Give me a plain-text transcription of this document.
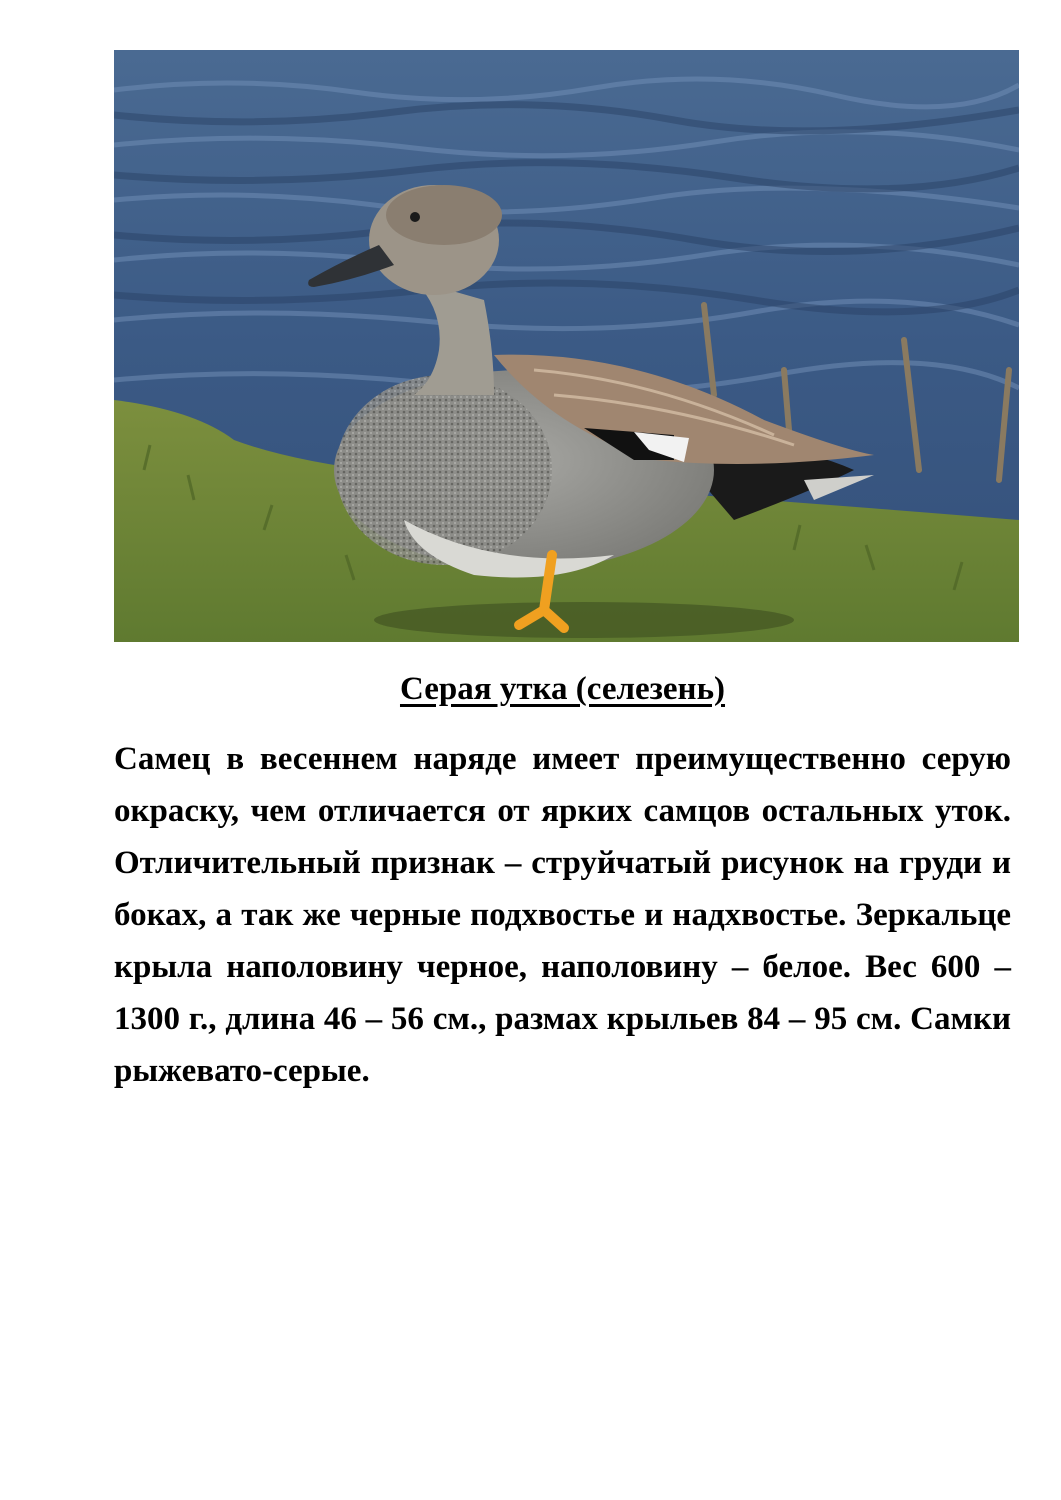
Серая утка (селезень)

Самец в весеннем наряде имеет преимущественно серую окраску, чем отличается от ярких самцов остальных уток. Отличительный признак – струйчатый рисунок на груди и боках, а так же черные подхвостье и надхвостье. Зеркальце крыла наполовину черное, наполовину – белое. Вес 600 – 1300 г., длина 46 – 56 см., размах крыльев 84 – 95 см. Самки рыжевато-серые.
